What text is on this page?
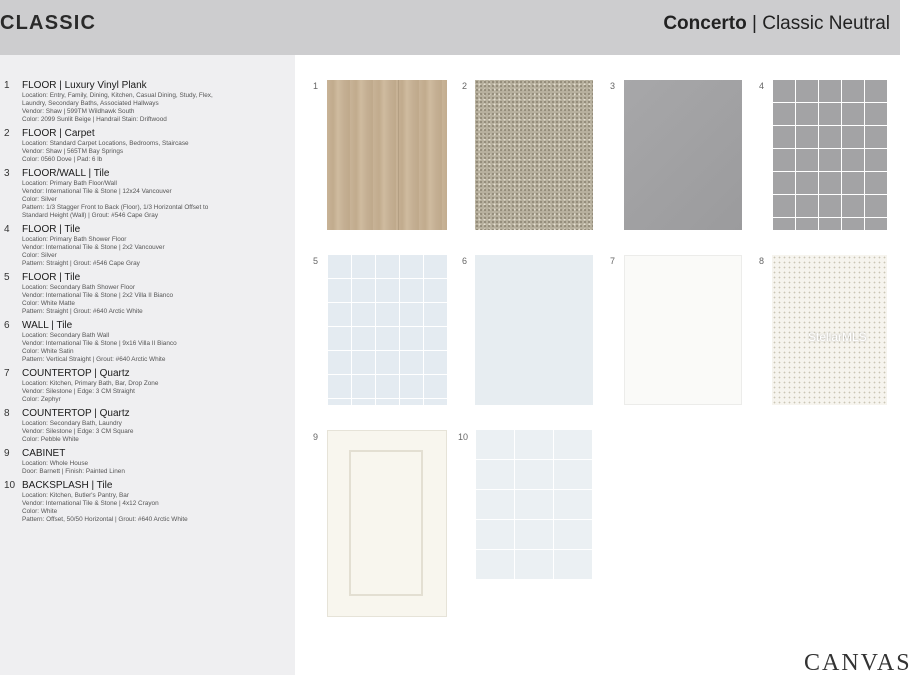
CLASSIC	Concerto | Classic Neutral
1 FLOOR | Luxury Vinyl Plank
Location: Entry, Family, Dining, Kitchen, Casual Dining, Study, Flex,
Laundry, Secondary Baths, Associated Hallways
Vendor: Shaw | 599TM Wildhawk South
Color: 2099 Sunlit Beige | Handrail Stain: Driftwood
2 FLOOR | Carpet
Location: Standard Carpet Locations, Bedrooms, Staircase
Vendor: Shaw | 565TM Bay Springs
Color: 0560 Dove | Pad: 6 lb
3 FLOOR/WALL | Tile
Location: Primary Bath Floor/Wall
Vendor: International Tile & Stone | 12x24 Vancouver
Color: Silver
Pattern: 1/3 Stagger Front to Back (Floor), 1/3 Horizontal Offset to
Standard Height (Wall) | Grout: #546 Cape Gray
4 FLOOR | Tile
Location: Primary Bath Shower Floor
Vendor: International Tile & Stone | 2x2 Vancouver
Color: Silver
Pattern: Straight | Grout: #546 Cape Gray
5 FLOOR | Tile
Location: Secondary Bath Shower Floor
Vendor: International Tile & Stone | 2x2 Villa II Bianco
Color: White Matte
Pattern: Straight | Grout: #640 Arctic White
6 WALL | Tile
Location: Secondary Bath Wall
Vendor: International Tile & Stone | 9x16 Villa II Bianco
Color: White Satin
Pattern: Vertical Straight | Grout: #640 Arctic White
7 COUNTERTOP | Quartz
Location: Kitchen, Primary Bath, Bar, Drop Zone
Vendor: Silestone | Edge: 3 CM Straight
Color: Zephyr
8 COUNTERTOP | Quartz
Location: Secondary Bath, Laundry
Vendor: Silestone | Edge: 3 CM Square
Color: Pebble White
9 CABINET
Location: Whole House
Door: Barnett | Finish: Painted Linen
10 BACKSPLASH | Tile
Location: Kitchen, Butler's Pantry, Bar
Vendor: International Tile & Stone | 4x12 Crayon
Color: White
Pattern: Offset, 50/50 Horizontal | Grout: #640 Arctic White
1	2	3	4
5	6	7	8
StellarMLS
9	10
CANVAS
